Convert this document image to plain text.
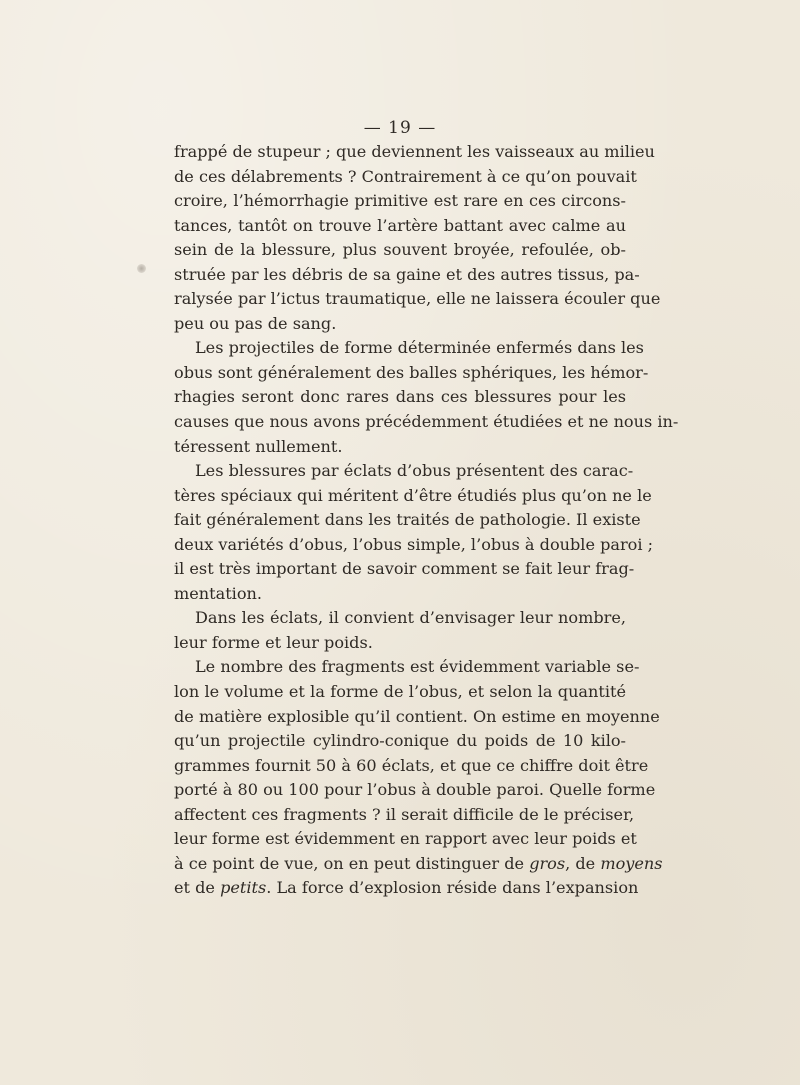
— 19 —
frappé de stupeur ; que deviennent les vaisseaux au milieu
de ces délabrements ? Contrairement à ce qu’on pouvait
croire, l’hémorrhagie primitive est rare en ces circons-
tances, tantôt on trouve l’artère battant avec calme au
sein de la blessure, plus souvent broyée, refoulée, ob-
struée par les débris de sa gaine et des autres tissus, pa-
ralysée par l’ictus traumatique, elle ne laissera écouler que
peu ou pas de sang.
Les projectiles de forme déterminée enfermés dans les
obus sont généralement des balles sphériques, les hémor-
rhagies seront donc rares dans ces blessures pour les
causes que nous avons précédemment étudiées et ne nous in-
téressent nullement.
Les blessures par éclats d’obus présentent des carac-
tères spéciaux qui méritent d’être étudiés plus qu’on ne le
fait généralement dans les traités de pathologie. Il existe
deux variétés d’obus, l’obus simple, l’obus à double paroi ;
il est très important de savoir comment se fait leur frag-
mentation.
Dans les éclats, il convient d’envisager leur nombre,
leur forme et leur poids.
Le nombre des fragments est évidemment variable se-
lon le volume et la forme de l’obus, et selon la quantité
de matière explosible qu’il contient. On estime en moyenne
qu’un projectile cylindro-conique du poids de 10 kilo-
grammes fournit 50 à 60 éclats, et que ce chiffre doit être
porté à 80 ou 100 pour l’obus à double paroi. Quelle forme
affectent ces fragments ? il serait difficile de le préciser,
leur forme est évidemment en rapport avec leur poids et
à ce point de vue, on en peut distinguer de gros, de moyens
et de petits. La force d’explosion réside dans l’expansion
